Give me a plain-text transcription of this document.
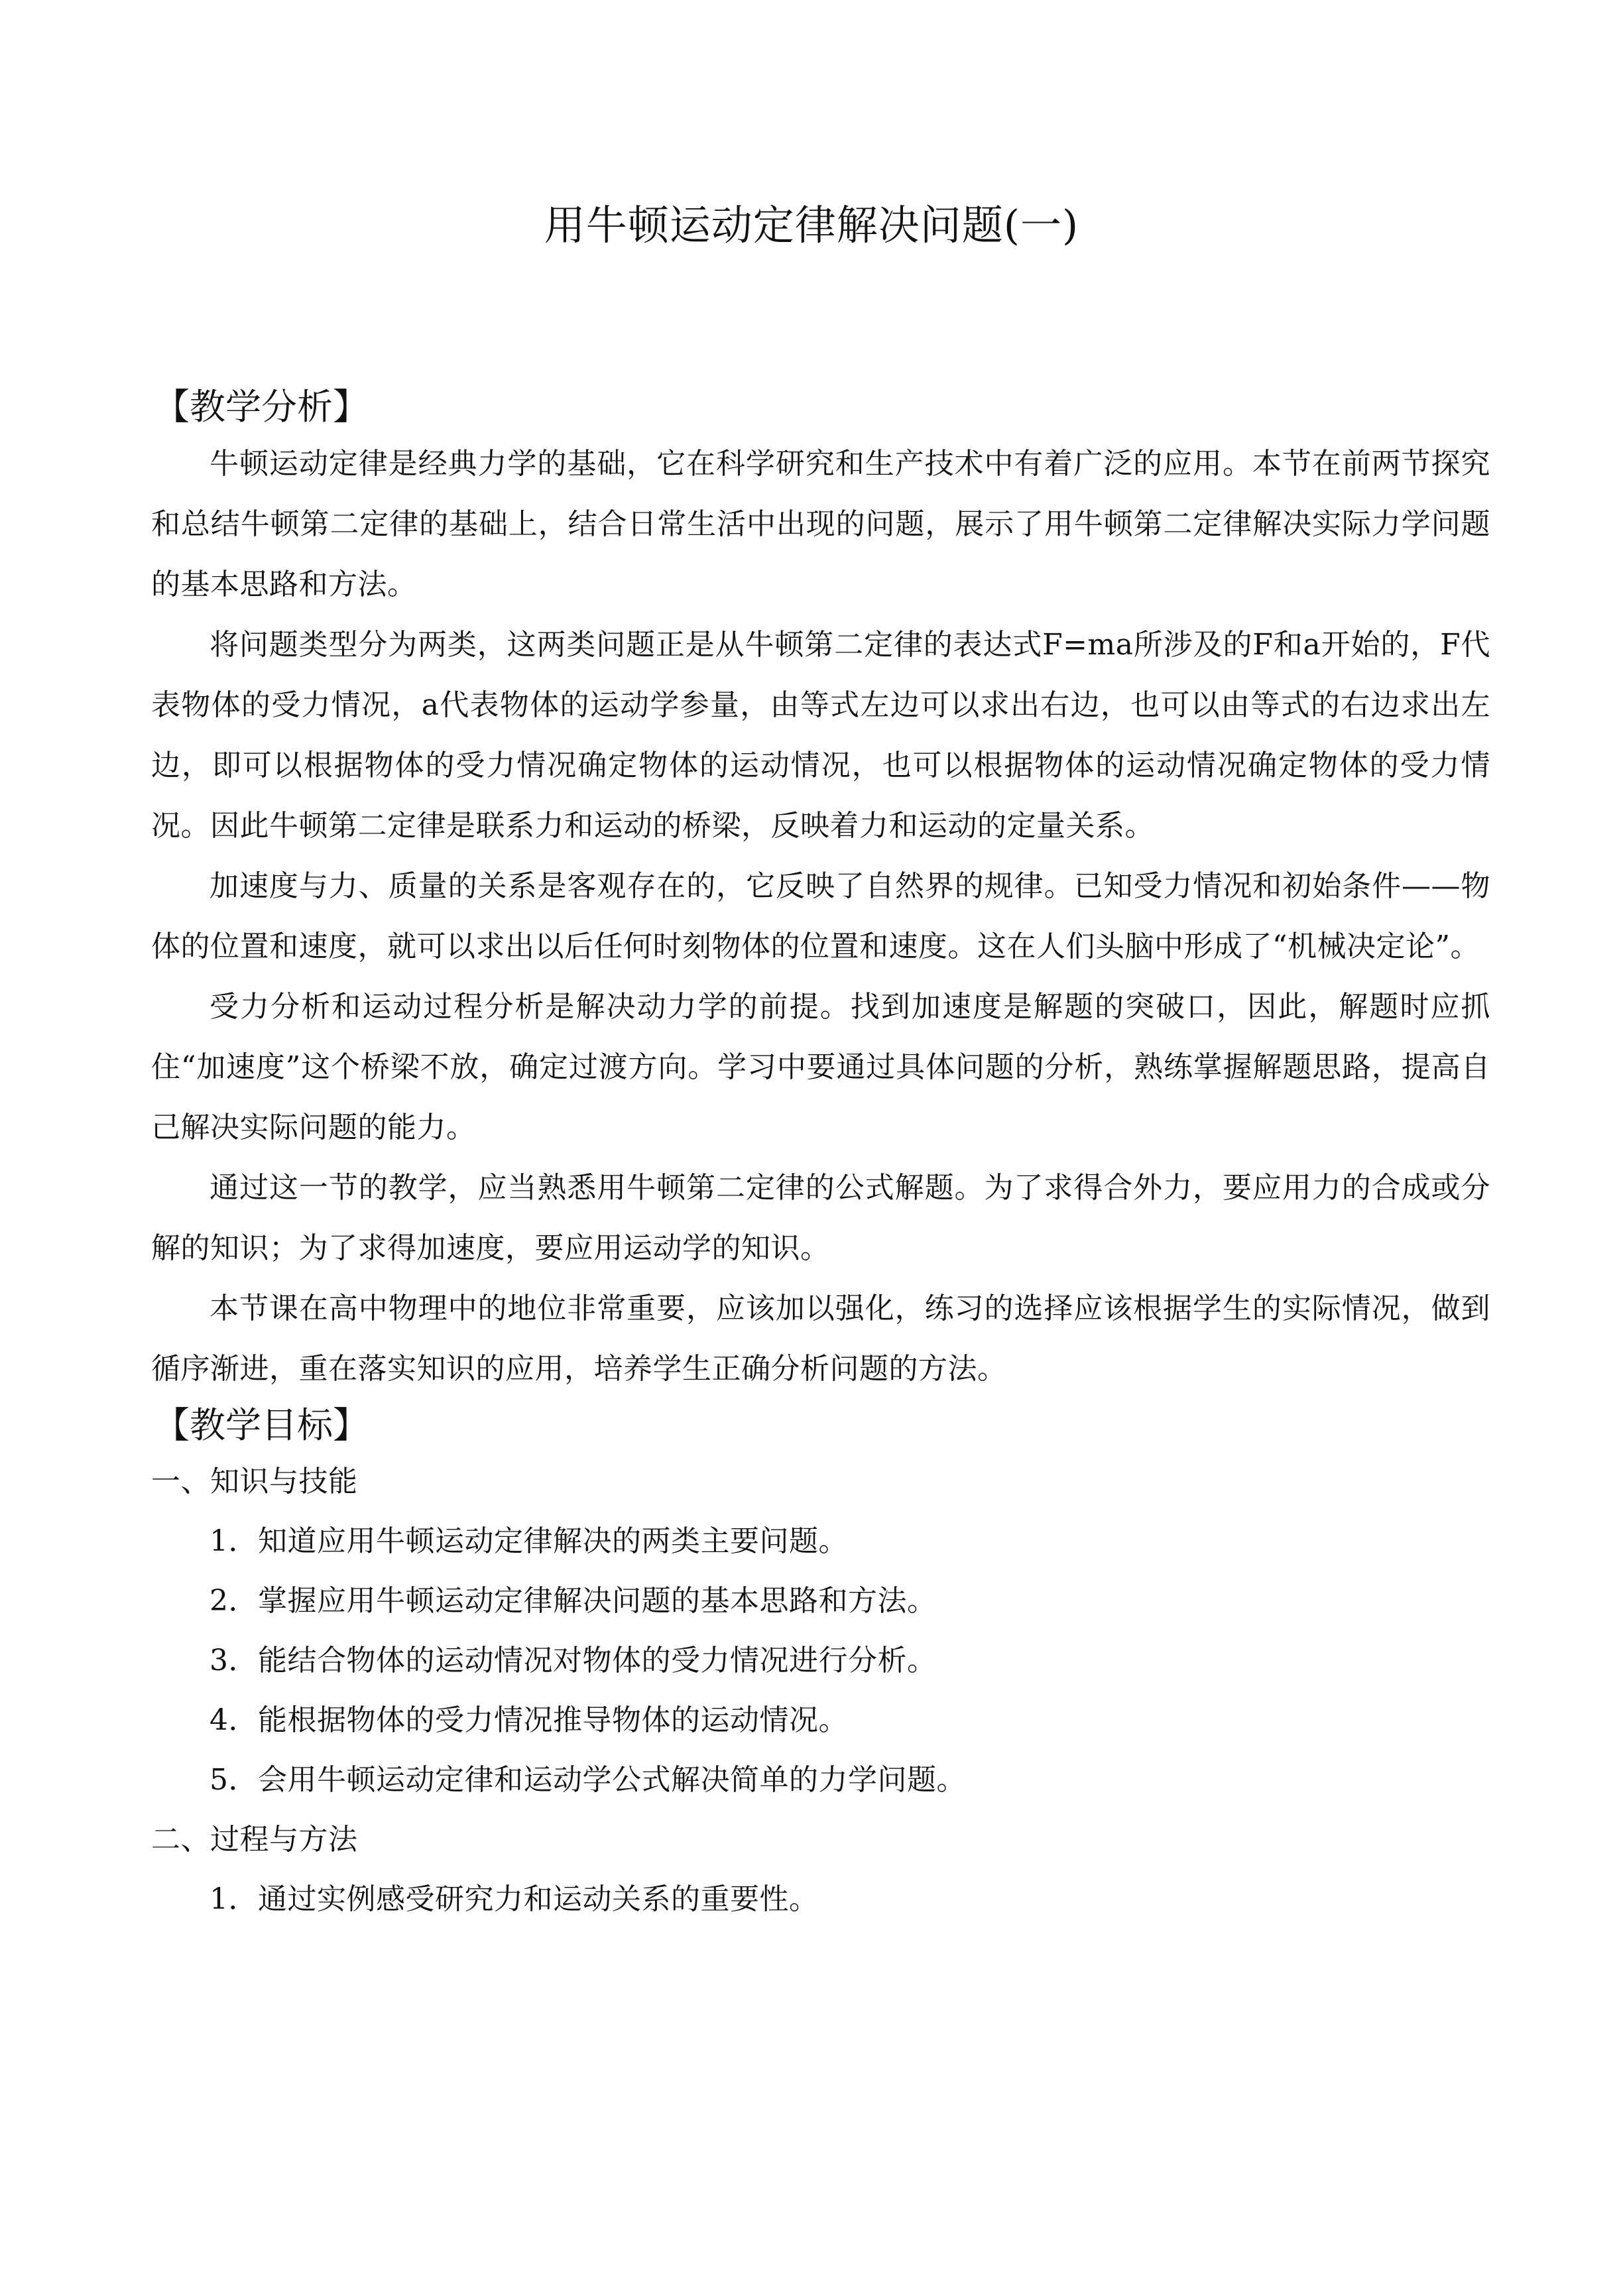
用牛顿运动定律解决问题(一)
【教学分析】

牛顿运动定律是经典力学的基础，它在科学研究和生产技术中有着广泛的应用。本节在前两节探究和总结牛顿第二定律的基础上，结合日常生活中出现的问题，展示了用牛顿第二定律解决实际力学问题的基本思路和方法。

将问题类型分为两类，这两类问题正是从牛顿第二定律的表达式F=ma所涉及的F和a开始的，F代表物体的受力情况，a代表物体的运动学参量，由等式左边可以求出右边，也可以由等式的右边求出左边，即可以根据物体的受力情况确定物体的运动情况，也可以根据物体的运动情况确定物体的受力情况。因此牛顿第二定律是联系力和运动的桥梁，反映着力和运动的定量关系。

加速度与力、质量的关系是客观存在的，它反映了自然界的规律。已知受力情况和初始条件——物体的位置和速度，就可以求出以后任何时刻物体的位置和速度。这在人们头脑中形成了“机械决定论”。

受力分析和运动过程分析是解决动力学的前提。找到加速度是解题的突破口，因此，解题时应抓住“加速度”这个桥梁不放，确定过渡方向。学习中要通过具体问题的分析，熟练掌握解题思路，提高自己解决实际问题的能力。

通过这一节的教学，应当熟悉用牛顿第二定律的公式解题。为了求得合外力，要应用力的合成或分解的知识；为了求得加速度，要应用运动学的知识。

本节课在高中物理中的地位非常重要，应该加以强化，练习的选择应该根据学生的实际情况，做到循序渐进，重在落实知识的应用，培养学生正确分析问题的方法。

【教学目标】

一、知识与技能

1．知道应用牛顿运动定律解决的两类主要问题。

2．掌握应用牛顿运动定律解决问题的基本思路和方法。

3．能结合物体的运动情况对物体的受力情况进行分析。

4．能根据物体的受力情况推导物体的运动情况。

5．会用牛顿运动定律和运动学公式解决简单的力学问题。

二、过程与方法

1．通过实例感受研究力和运动关系的重要性。
